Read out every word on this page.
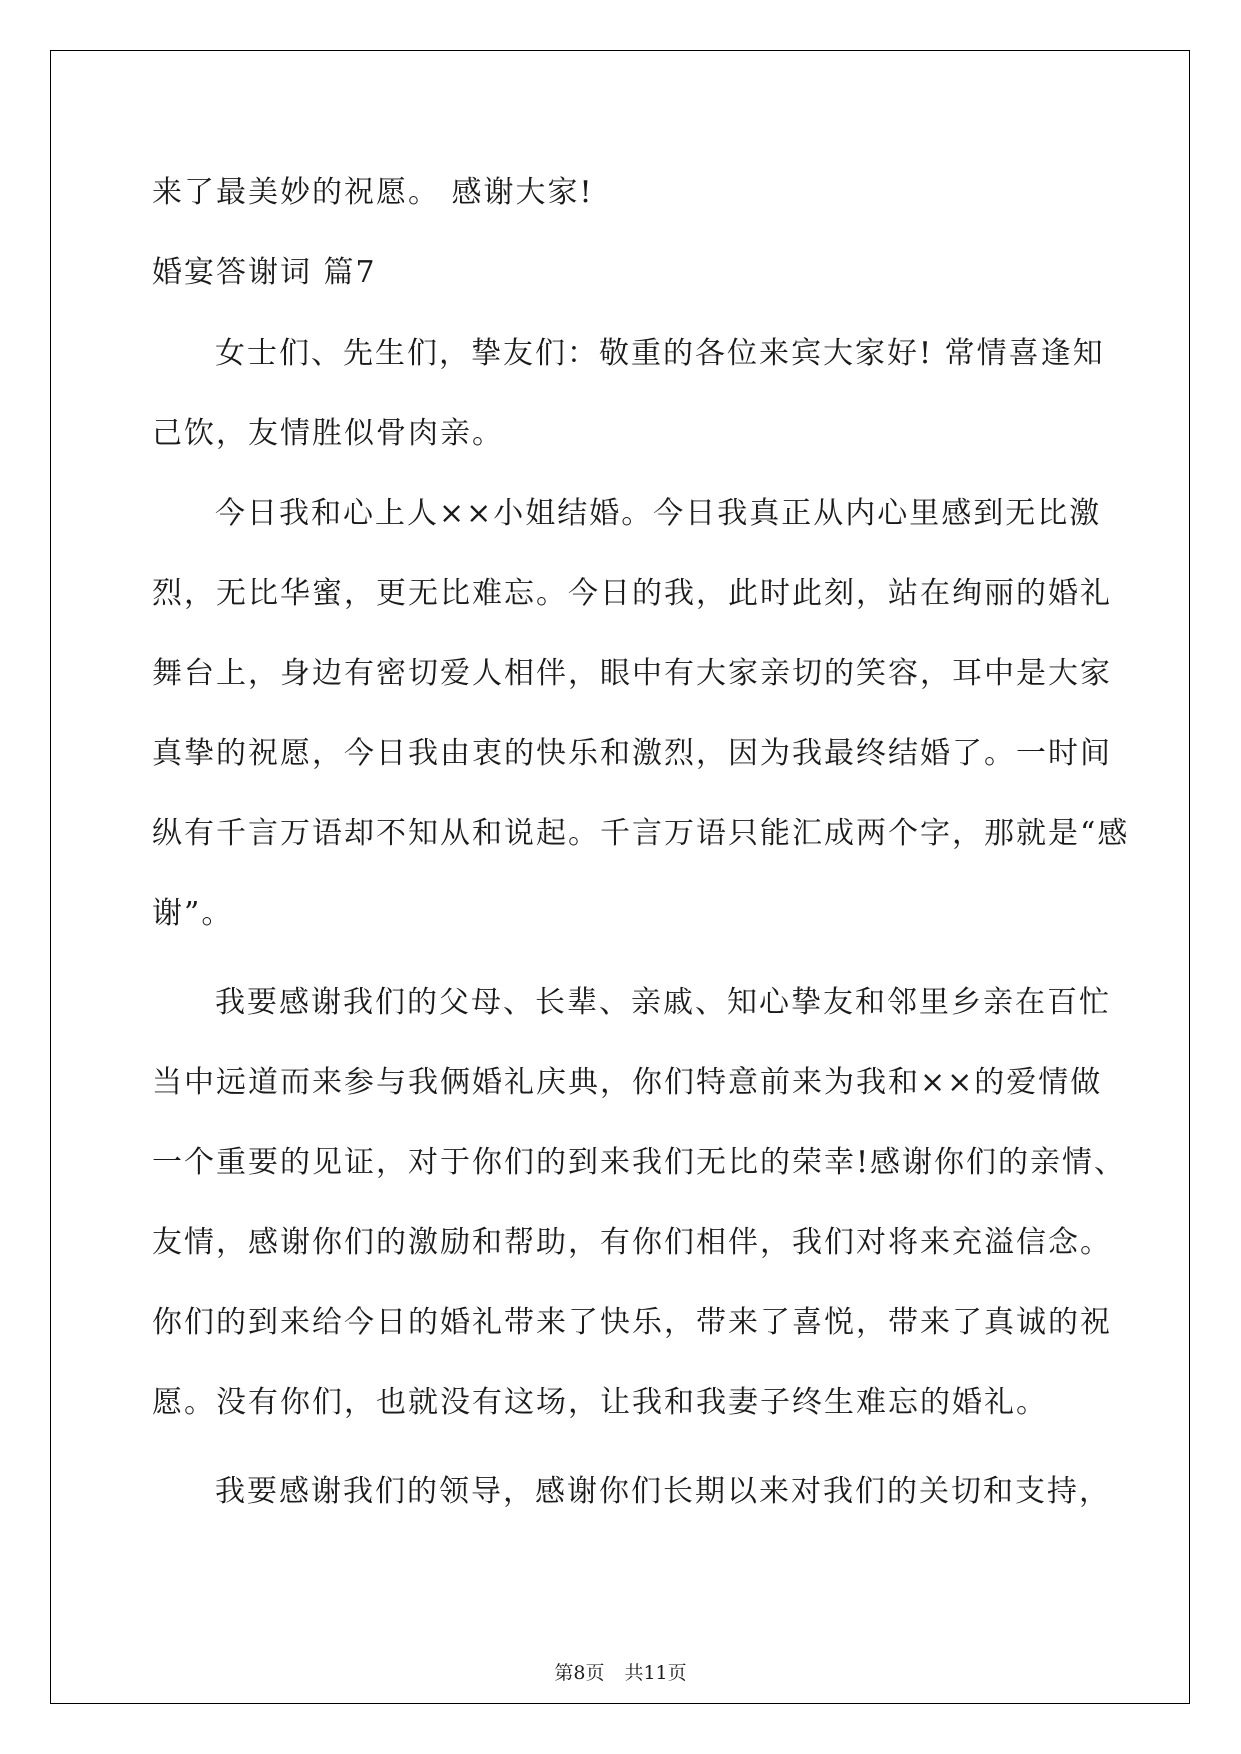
来了最美妙的祝愿。 感谢大家!
婚宴答谢词 篇7
女士们、先生们，挚友们：敬重的各位来宾大家好! 常情喜逢知
己饮，友情胜似骨肉亲。
今日我和心上人××小姐结婚。今日我真正从内心里感到无比激
烈，无比华蜜，更无比难忘。今日的我，此时此刻，站在绚丽的婚礼
舞台上，身边有密切爱人相伴，眼中有大家亲切的笑容，耳中是大家
真挚的祝愿，今日我由衷的快乐和激烈，因为我最终结婚了。一时间
纵有千言万语却不知从和说起。千言万语只能汇成两个字，那就是“感
谢”。
我要感谢我们的父母、长辈、亲戚、知心挚友和邻里乡亲在百忙
当中远道而来参与我俩婚礼庆典，你们特意前来为我和××的爱情做
一个重要的见证，对于你们的到来我们无比的荣幸!感谢你们的亲情、
友情，感谢你们的激励和帮助，有你们相伴，我们对将来充溢信念。
你们的到来给今日的婚礼带来了快乐，带来了喜悦，带来了真诚的祝
愿。没有你们，也就没有这场，让我和我妻子终生难忘的婚礼。
我要感谢我们的领导，感谢你们长期以来对我们的关切和支持，
第8页 共11页
